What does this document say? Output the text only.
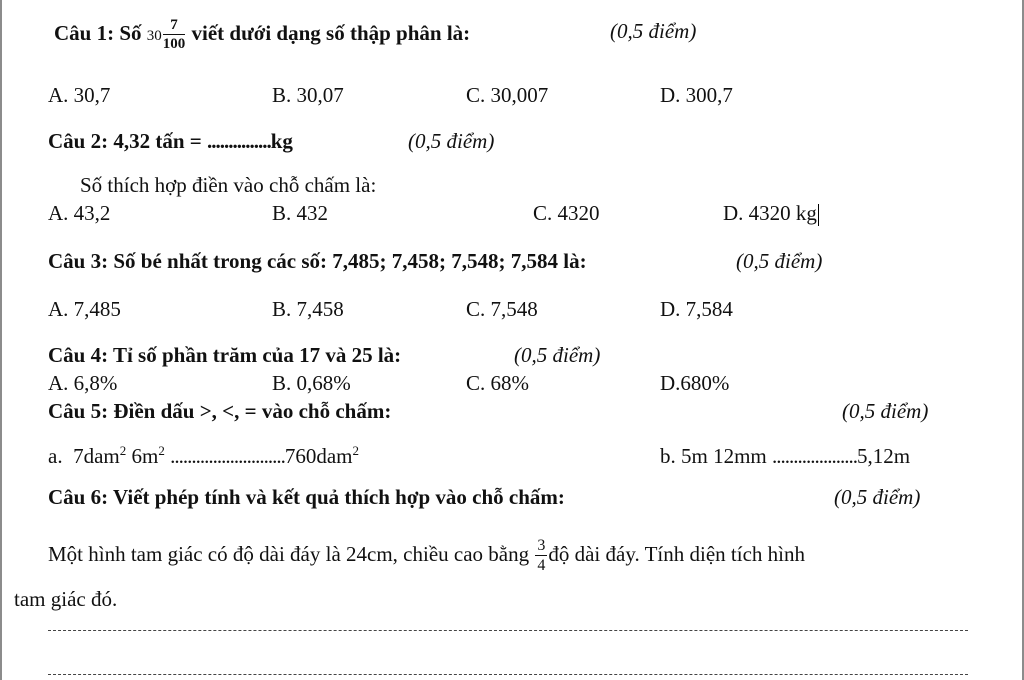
Câu 1: Số $30 \frac{7}{100}$ viết dưới dạng số thập phân là:	(0,5 điểm)
A. 30,7	B. 30,07	C. 30,007	D. 300,7
Câu 2: 4,32 tấn = ...............kg	(0,5 điểm)
Số thích hợp điền vào chỗ chấm là:
A. 43,2	B. 432	C. 4320	D. 4320 kg
Câu 3: Số bé nhất trong các số: 7,485; 7,458; 7,548; 7,584 là:	(0,5 điểm)
A. 7,485	B. 7,458	C. 7,548	D. 7,584
Câu 4: Tỉ số phần trăm của 17 và 25 là:	(0,5 điểm)
A. 6,8%	B. 0,68%	C. 68%	D.680%
Câu 5: Điền dấu >, <, = vào chỗ chấm:	(0,5 điểm)
a. 7dam$^2$ $6m^2$ ...........................760dam$^2$	b. 5m 12mm ....................5,12m
Câu 6: Viết phép tính và kết quả thích hợp vào chỗ chấm:	(0,5 điểm)
Một hình tam giác có độ dài đáy là 24cm, chiều cao bằng $\frac{3}{4}$ độ dài đáy. Tính diện tích hình
tam giác đó.
